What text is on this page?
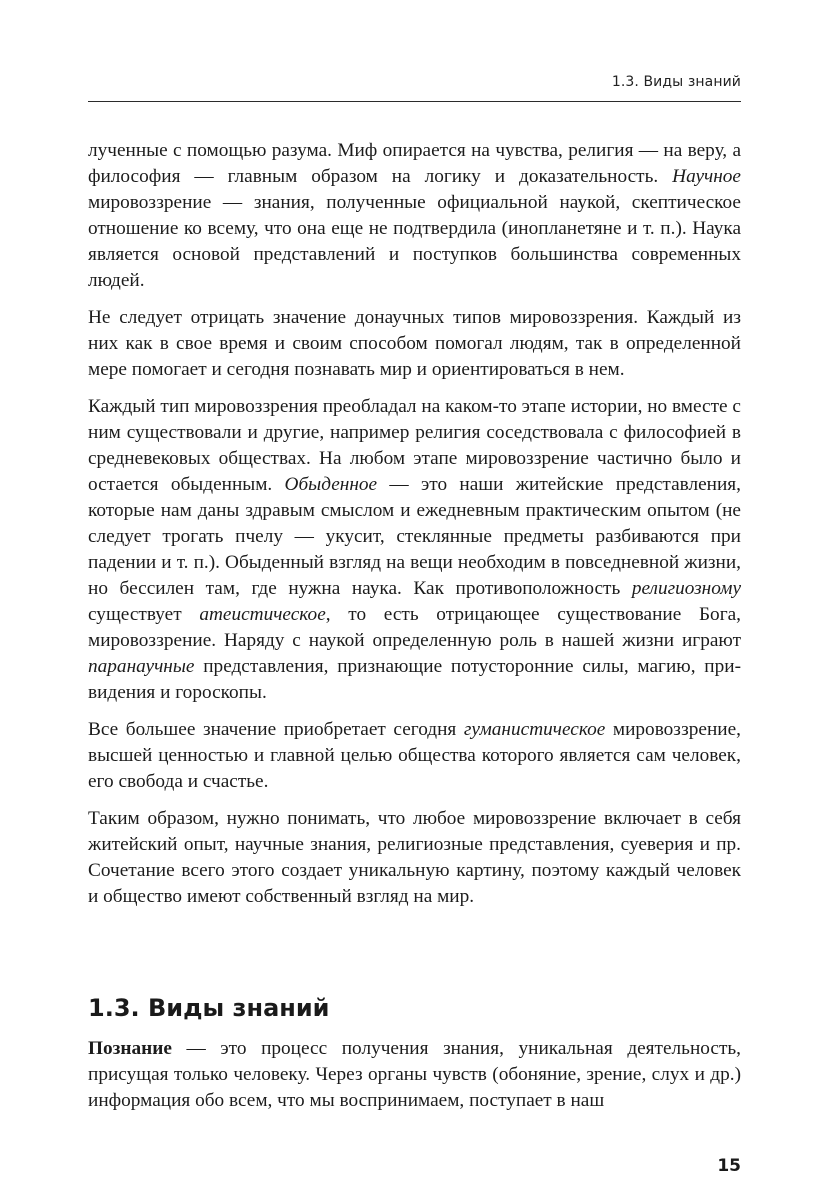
1.3. Виды знаний

лученные с помощью разума. Миф опирается на чувства, религия — на веру, а философия — главным образом на логику и доказательность. Научное мировоззрение — знания, полученные официальной наукой, скептическое отношение ко всему, что она еще не подтвердила (инопланетяне и т. п.). Наука является основой представлений и поступков большинства современных людей.

Не следует отрицать значение донаучных типов мировоззрения. Каждый из них как в свое время и своим способом помогал людям, так в определенной мере помогает и сегодня познавать мир и ориентироваться в нем.

Каждый тип мировоззрения преобладал на каком-то этапе истории, но вместе с ним существовали и другие, например религия соседствовала с философией в средневековых обществах. На любом этапе мировоззрение частично было и остается обыденным. Обыденное — это наши житейские представления, которые нам даны здравым смыслом и ежедневным практическим опытом (не следует трогать пчелу — укусит, стеклянные предметы разбиваются при падении и т. п.). Обыденный взгляд на вещи необходим в повседневной жизни, но бессилен там, где нужна наука. Как противоположность религиозному существует атеистическое, то есть отрицающее существование Бога, мировоззрение. Наряду с наукой определенную роль в нашей жизни играют паранаучные представления, признающие потусторонние силы, магию, привидения и гороскопы.

Все большее значение приобретает сегодня гуманистическое мировоззрение, высшей ценностью и главной целью общества которого является сам человек, его свобода и счастье.

Таким образом, нужно понимать, что любое мировоззрение включает в себя житейский опыт, научные знания, религиозные представления, суеверия и пр. Сочетание всего этого создает уникальную картину, поэтому каждый человек и общество имеют собственный взгляд на мир.

1.3. Виды знаний

Познание — это процесс получения знания, уникальная деятельность, присущая только человеку. Через органы чувств (обоняние, зрение, слух и др.) информация обо всем, что мы воспринимаем, поступает в наш

15
